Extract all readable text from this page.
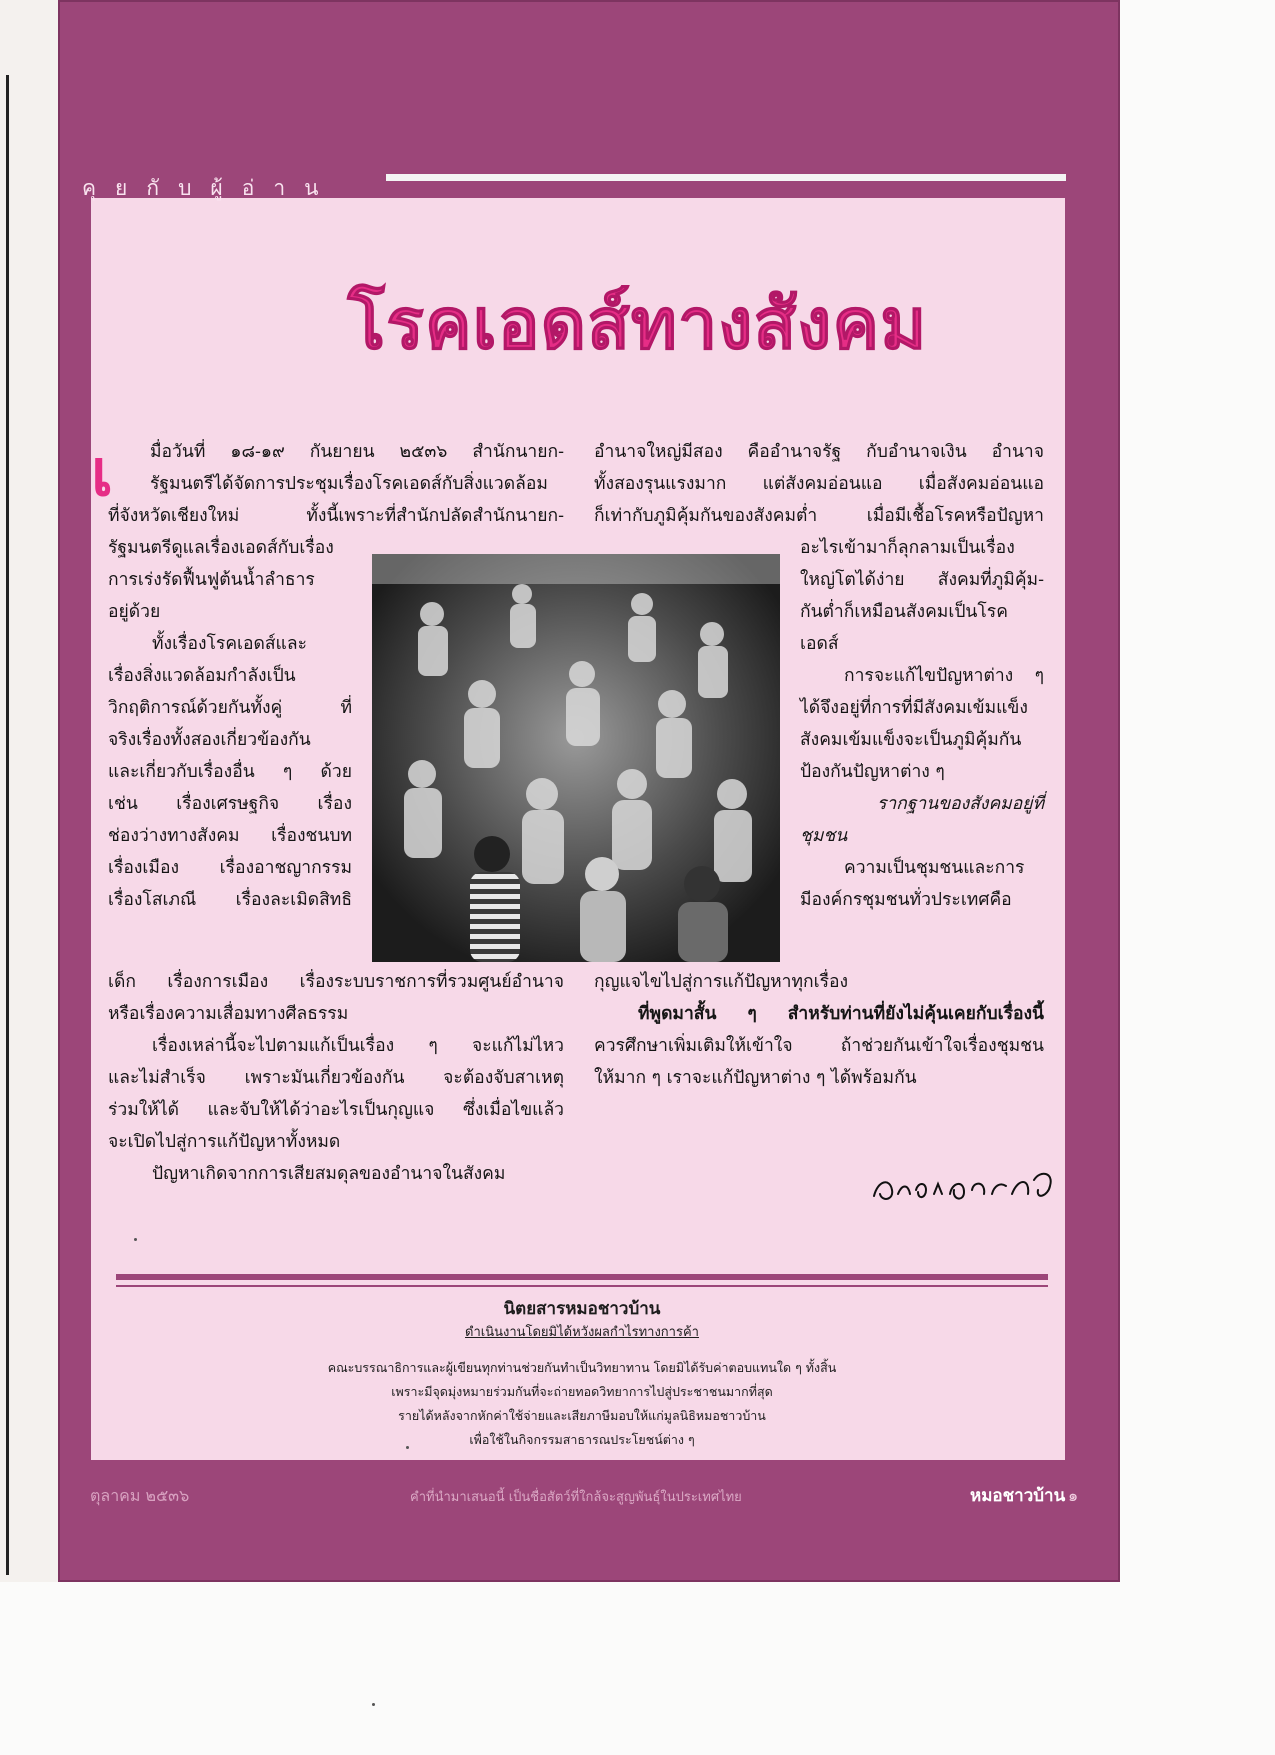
คุยกับผู้อ่าน
โรคเอดส์ทางสังคม
เ มื่อวันที่ ๑๘-๑๙ กันยายน ๒๕๓๖ สำนักนายก-
รัฐมนตรีได้จัดการประชุมเรื่องโรคเอดส์กับสิ่งแวดล้อม
ที่จังหวัดเชียงใหม่ ทั้งนี้เพราะที่สำนักปลัดสำนักนายก-
รัฐมนตรีดูแลเรื่องเอดส์กับเรื่อง
การเร่งรัดฟื้นฟูต้นน้ำลำธาร
อยู่ด้วย
ทั้งเรื่องโรคเอดส์และ
เรื่องสิ่งแวดล้อมกำลังเป็น
วิกฤติการณ์ด้วยกันทั้งคู่ ที่
จริงเรื่องทั้งสองเกี่ยวข้องกัน
และเกี่ยวกับเรื่องอื่น ๆ ด้วย
เช่น เรื่องเศรษฐกิจ เรื่อง
ช่องว่างทางสังคม เรื่องชนบท
เรื่องเมือง เรื่องอาชญากรรม
เรื่องโสเภณี เรื่องละเมิดสิทธิ
เด็ก เรื่องการเมือง เรื่องระบบราชการที่รวมศูนย์อำนาจ
หรือเรื่องความเสื่อมทางศีลธรรม
เรื่องเหล่านี้จะไปตามแก้เป็นเรื่อง ๆ จะแก้ไม่ไหว
และไม่สำเร็จ เพราะมันเกี่ยวข้องกัน จะต้องจับสาเหตุ
ร่วมให้ได้ และจับให้ได้ว่าอะไรเป็นกุญแจ ซึ่งเมื่อไขแล้ว
จะเปิดไปสู่การแก้ปัญหาทั้งหมด
ปัญหาเกิดจากการเสียสมดุลของอำนาจในสังคม
อำนาจใหญ่มีสอง คืออำนาจรัฐ กับอำนาจเงิน อำนาจ
ทั้งสองรุนแรงมาก แต่สังคมอ่อนแอ เมื่อสังคมอ่อนแอ
ก็เท่ากับภูมิคุ้มกันของสังคมต่ำ เมื่อมีเชื้อโรคหรือปัญหา
อะไรเข้ามาก็ลุกลามเป็นเรื่อง
ใหญ่โตได้ง่าย สังคมที่ภูมิคุ้ม-
กันต่ำก็เหมือนสังคมเป็นโรค
เอดส์
การจะแก้ไขปัญหาต่าง ๆ
ได้จึงอยู่ที่การที่มีสังคมเข้มแข็ง
สังคมเข้มแข็งจะเป็นภูมิคุ้มกัน
ป้องกันปัญหาต่าง ๆ
รากฐานของสังคมอยู่ที่
ชุมชน
ความเป็นชุมชนและการ
มีองค์กรชุมชนทั่วประเทศคือ
กุญแจไขไปสู่การแก้ปัญหาทุกเรื่อง
ที่พูดมาสั้น ๆ สำหรับท่านที่ยังไม่คุ้นเคยกับเรื่องนี้
ควรศึกษาเพิ่มเติมให้เข้าใจ ถ้าช่วยกันเข้าใจเรื่องชุมชน
ให้มาก ๆ เราจะแก้ปัญหาต่าง ๆ ได้พร้อมกัน
นิตยสารหมอชาวบ้าน
ดำเนินงานโดยมิได้หวังผลกำไรทางการค้า
คณะบรรณาธิการและผู้เขียนทุกท่านช่วยกันทำเป็นวิทยาทาน โดยมิได้รับค่าตอบแทนใด ๆ ทั้งสิ้น
เพราะมีจุดมุ่งหมายร่วมกันที่จะถ่ายทอดวิทยาการไปสู่ประชาชนมากที่สุด
รายได้หลังจากหักค่าใช้จ่ายและเสียภาษีมอบให้แก่มูลนิธิหมอชาวบ้าน
เพื่อใช้ในกิจกรรมสาธารณประโยชน์ต่าง ๆ
ตุลาคม ๒๕๓๖	คำที่นำมาเสนอนี้ เป็นชื่อสัตว์ที่ใกล้จะสูญพันธุ์ในประเทศไทย	หมอชาวบ้าน ๑
